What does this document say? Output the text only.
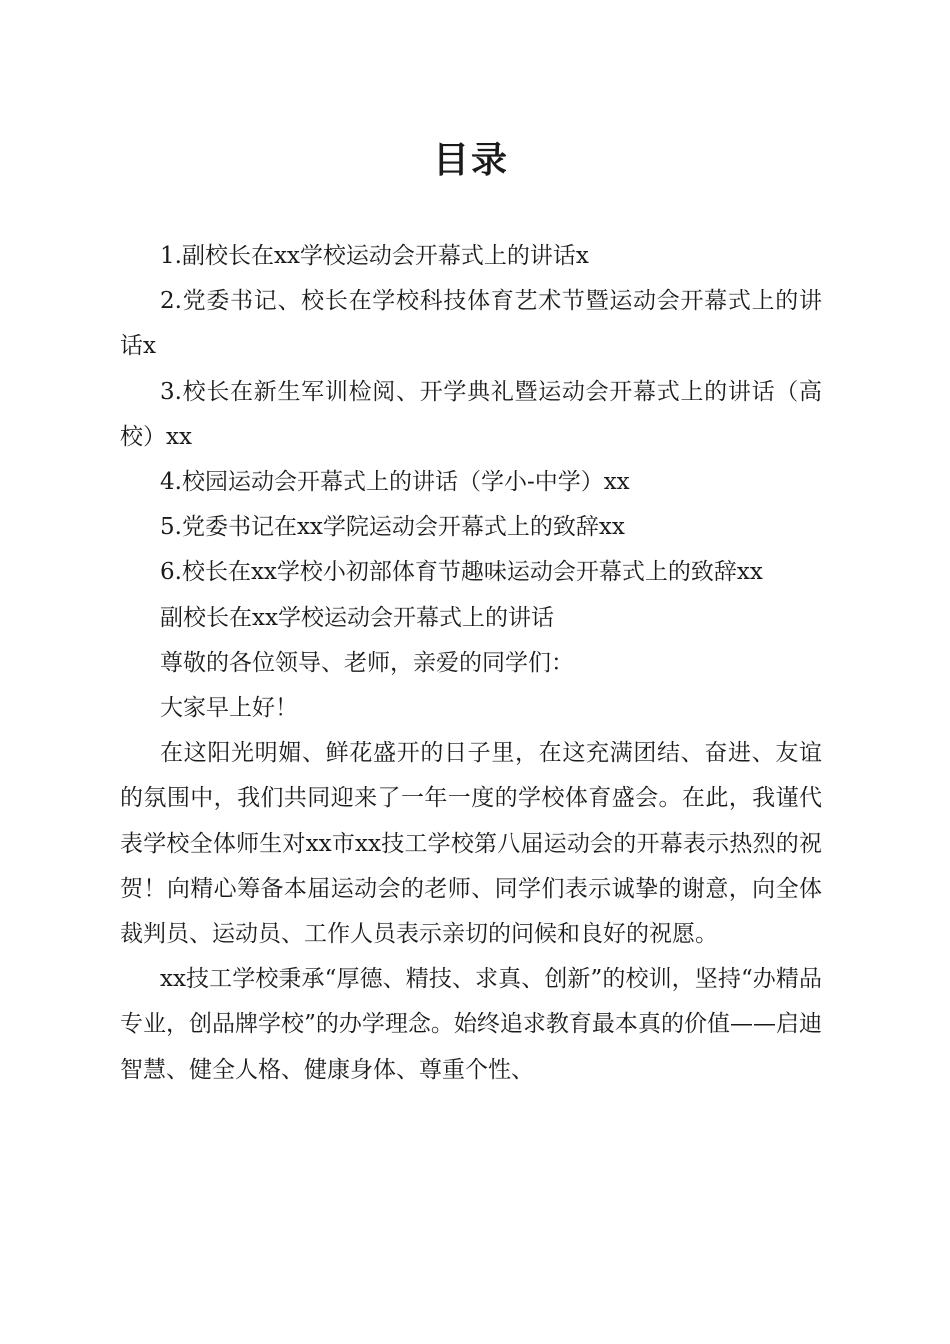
目录

1.副校长在xx学校运动会开幕式上的讲话x

2.党委书记、校长在学校科技体育艺术节暨运动会开幕式上的讲话x

3.校长在新生军训检阅、开学典礼暨运动会开幕式上的讲话（高校）xx

4.校园运动会开幕式上的讲话（学小-中学）xx

5.党委书记在xx学院运动会开幕式上的致辞xx

6.校长在xx学校小初部体育节趣味运动会开幕式上的致辞xx

副校长在xx学校运动会开幕式上的讲话

尊敬的各位领导、老师，亲爱的同学们：

大家早上好！

在这阳光明媚、鲜花盛开的日子里，在这充满团结、奋进、友谊的氛围中，我们共同迎来了一年一度的学校体育盛会。在此，我谨代表学校全体师生对xx市xx技工学校第八届运动会的开幕表示热烈的祝贺！向精心筹备本届运动会的老师、同学们表示诚挚的谢意，向全体裁判员、运动员、工作人员表示亲切的问候和良好的祝愿。

xx技工学校秉承“厚德、精技、求真、创新”的校训，坚持“办精品专业，创品牌学校”的办学理念。始终追求教育最本真的价值——启迪智慧、健全人格、健康身体、尊重个性、
